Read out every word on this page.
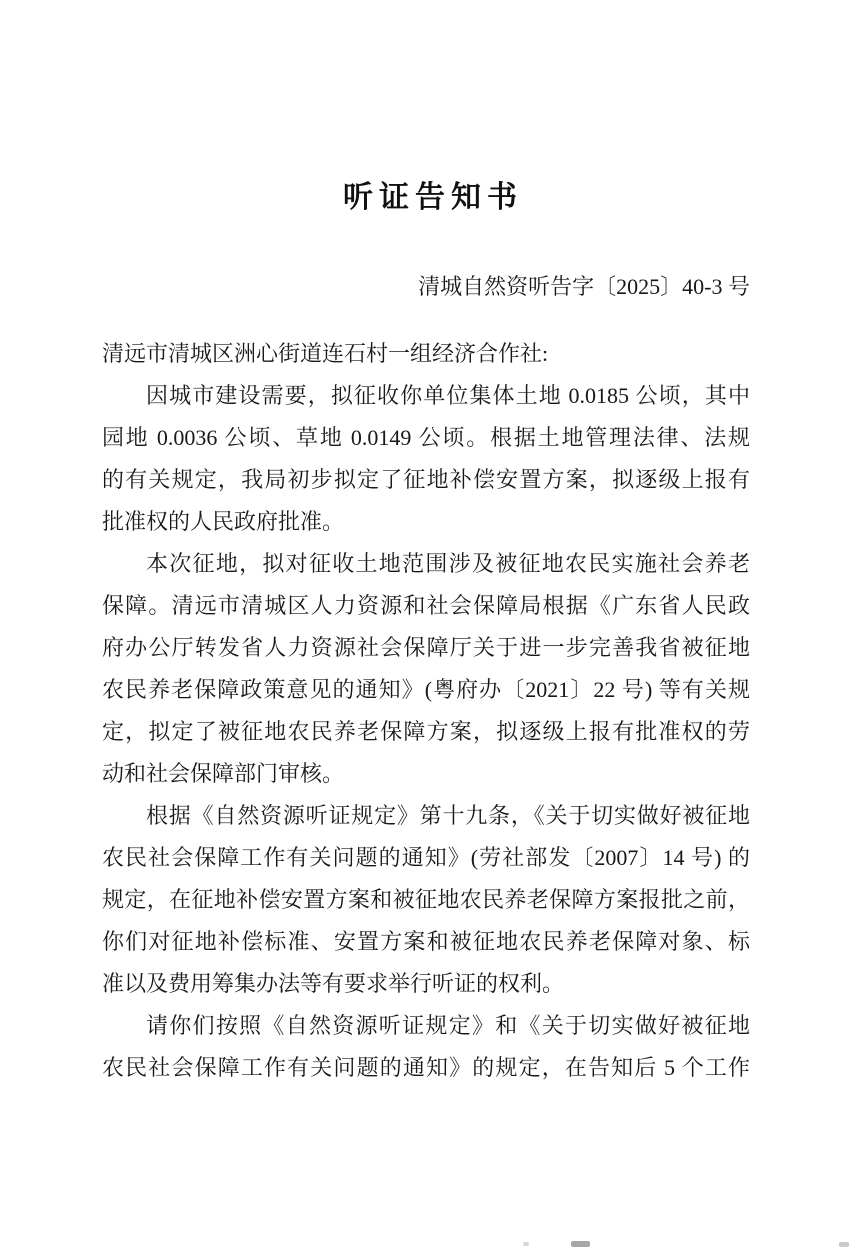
听证告知书
清城自然资听告字〔2025〕40-3 号
清远市清城区洲心街道连石村一组经济合作社:
因城市建设需要，拟征收你单位集体土地 0.0185 公顷，其中
园地 0.0036 公顷、草地 0.0149 公顷。根据土地管理法律、法规
的有关规定，我局初步拟定了征地补偿安置方案，拟逐级上报有
批准权的人民政府批准。
本次征地，拟对征收土地范围涉及被征地农民实施社会养老
保障。清远市清城区人力资源和社会保障局根据《广东省人民政
府办公厅转发省人力资源社会保障厅关于进一步完善我省被征地
农民养老保障政策意见的通知》(粤府办〔2021〕22 号) 等有关规
定，拟定了被征地农民养老保障方案，拟逐级上报有批准权的劳
动和社会保障部门审核。
根据《自然资源听证规定》第十九条，《关于切实做好被征地
农民社会保障工作有关问题的通知》(劳社部发〔2007〕14 号) 的
规定，在征地补偿安置方案和被征地农民养老保障方案报批之前，
你们对征地补偿标准、安置方案和被征地农民养老保障对象、标
准以及费用筹集办法等有要求举行听证的权利。
请你们按照《自然资源听证规定》和《关于切实做好被征地
农民社会保障工作有关问题的通知》的规定，在告知后 5 个工作
